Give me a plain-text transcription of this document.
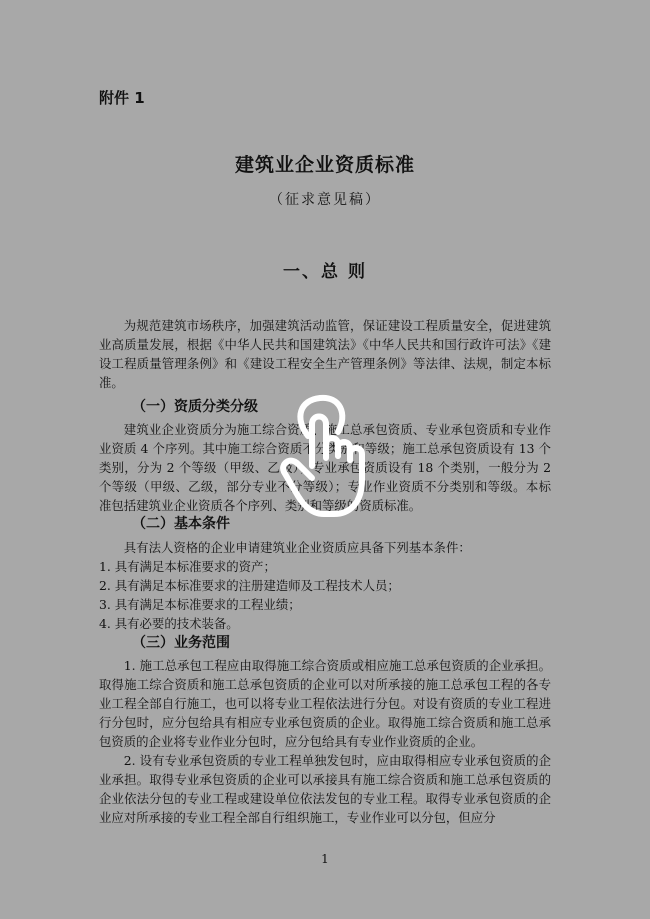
附件 1
建筑业企业资质标准
（征求意见稿）
一、总 则

为规范建筑市场秩序，加强建筑活动监管，保证建设工程质量安全，促进建筑业高质量发展，根据《中华人民共和国建筑法》《中华人民共和国行政许可法》《建设工程质量管理条例》和《建设工程安全生产管理条例》等法律、法规，制定本标准。

（一）资质分类分级

建筑业企业资质分为施工综合资质、施工总承包资质、专业承包资质和专业作业资质 4 个序列。其中施工综合资质不分类别和等级；施工总承包资质设有 13 个类别，分为 2 个等级（甲级、乙级）；专业承包资质设有 18 个类别，一般分为 2 个等级（甲级、乙级，部分专业不分等级）；专业作业资质不分类别和等级。本标准包括建筑业企业资质各个序列、类别和等级的资质标准。

（二）基本条件

具有法人资格的企业申请建筑业企业资质应具备下列基本条件：

1. 具有满足本标准要求的资产；

2. 具有满足本标准要求的注册建造师及工程技术人员；

3. 具有满足本标准要求的工程业绩；

4. 具有必要的技术装备。

（三）业务范围

1. 施工总承包工程应由取得施工综合资质或相应施工总承包资质的企业承担。取得施工综合资质和施工总承包资质的企业可以对所承接的施工总承包工程的各专业工程全部自行施工，也可以将专业工程依法进行分包。对设有资质的专业工程进行分包时，应分包给具有相应专业承包资质的企业。取得施工综合资质和施工总承包资质的企业将专业作业分包时，应分包给具有专业作业资质的企业。

2. 设有专业承包资质的专业工程单独发包时，应由取得相应专业承包资质的企业承担。取得专业承包资质的企业可以承接具有施工综合资质和施工总承包资质的企业依法分包的专业工程或建设单位依法发包的专业工程。取得专业承包资质的企业应对所承接的专业工程全部自行组织施工，专业作业可以分包，但应分

1
